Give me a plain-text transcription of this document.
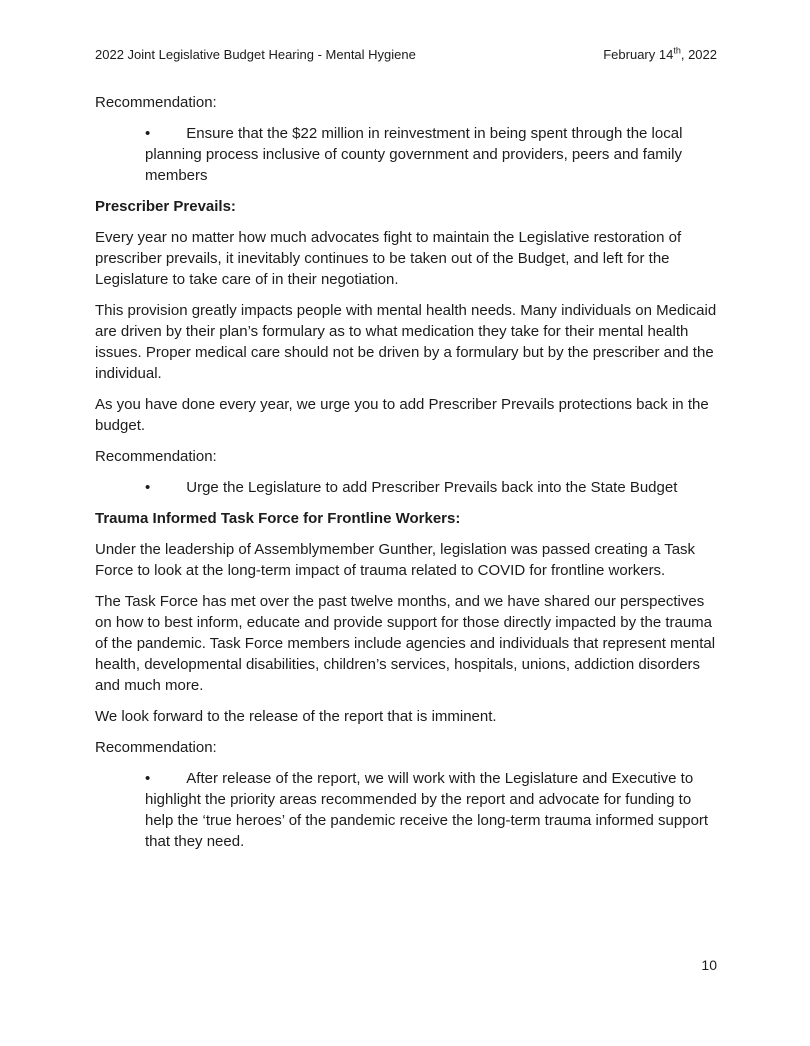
2022 Joint Legislative Budget Hearing - Mental Hygiene	February 14th, 2022
Recommendation:
• Ensure that the $22 million in reinvestment in being spent through the local planning process inclusive of county government and providers, peers and family members
Prescriber Prevails:
Every year no matter how much advocates fight to maintain the Legislative restoration of prescriber prevails, it inevitably continues to be taken out of the Budget, and left for the Legislature to take care of in their negotiation.
This provision greatly impacts people with mental health needs. Many individuals on Medicaid are driven by their plan’s formulary as to what medication they take for their mental health issues. Proper medical care should not be driven by a formulary but by the prescriber and the individual.
As you have done every year, we urge you to add Prescriber Prevails protections back in the budget.
Recommendation:
• Urge the Legislature to add Prescriber Prevails back into the State Budget
Trauma Informed Task Force for Frontline Workers:
Under the leadership of Assemblymember Gunther, legislation was passed creating a Task Force to look at the long-term impact of trauma related to COVID for frontline workers.
The Task Force has met over the past twelve months, and we have shared our perspectives on how to best inform, educate and provide support for those directly impacted by the trauma of the pandemic. Task Force members include agencies and individuals that represent mental health, developmental disabilities, children’s services, hospitals, unions, addiction disorders and much more.
We look forward to the release of the report that is imminent.
Recommendation:
• After release of the report, we will work with the Legislature and Executive to highlight the priority areas recommended by the report and advocate for funding to help the ‘true heroes’ of the pandemic receive the long-term trauma informed support that they need.
10
